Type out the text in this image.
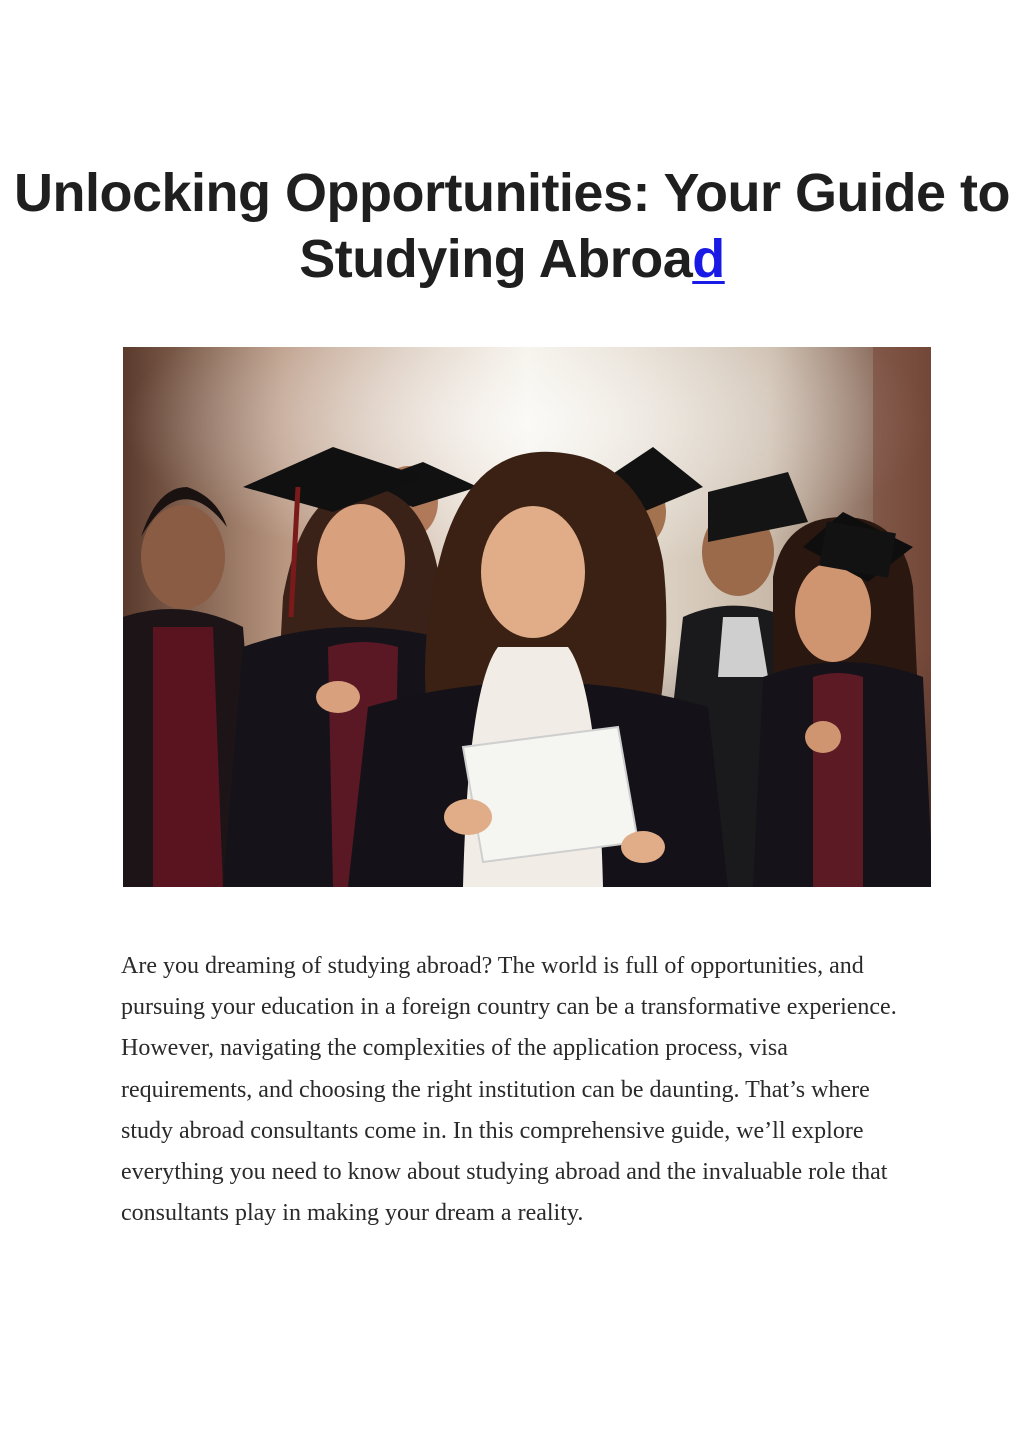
Unlocking Opportunities: Your Guide to Studying Abroad

Are you dreaming of studying abroad? The world is full of opportunities, and pursuing your education in a foreign country can be a transformative experience. However, navigating the complexities of the application process, visa requirements, and choosing the right institution can be daunting. That’s where study abroad consultants come in. In this comprehensive guide, we’ll explore everything you need to know about studying abroad and the invaluable role that consultants play in making your dream a reality.
